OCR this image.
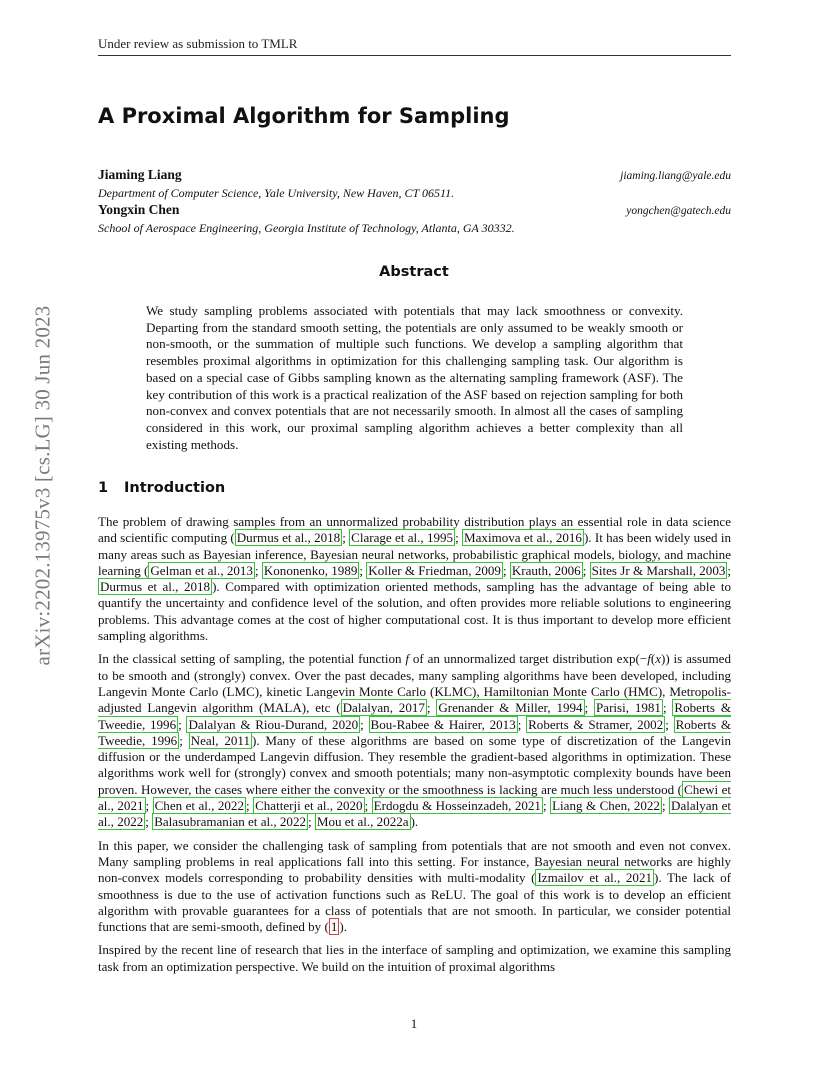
arXiv:2202.13975v3 [cs.LG] 30 Jun 2023
Under review as submission to TMLR
A Proximal Algorithm for Sampling
Jiaming Liang	jiaming.liang@yale.edu
Department of Computer Science, Yale University, New Haven, CT 06511.
Yongxin Chen	yongchen@gatech.edu
School of Aerospace Engineering, Georgia Institute of Technology, Atlanta, GA 30332.
Abstract

We study sampling problems associated with potentials that may lack smoothness or convexity. Departing from the standard smooth setting, the potentials are only assumed to be weakly smooth or non-smooth, or the summation of multiple such functions. We develop a sampling algorithm that resembles proximal algorithms in optimization for this challenging sampling task. Our algorithm is based on a special case of Gibbs sampling known as the alternating sampling framework (ASF). The key contribution of this work is a practical realization of the ASF based on rejection sampling for both non-convex and convex potentials that are not necessarily smooth. In almost all the cases of sampling considered in this work, our proximal sampling algorithm achieves a better complexity than all existing methods.

1 Introduction

The problem of drawing samples from an unnormalized probability distribution plays an essential role in data science and scientific computing ( Durmus et al., 2018 ; Clarage et al., 1995 ; Maximova et al., 2016 ). It has been widely used in many areas such as Bayesian inference, Bayesian neural networks, probabilistic graphical models, biology, and machine learning ( Gelman et al., 2013 ; Kononenko, 1989 ; Koller & Friedman, 2009 ; Krauth, 2006 ; Sites Jr & Marshall, 2003 ; Durmus et al., 2018 ). Compared with optimization oriented methods, sampling has the advantage of being able to quantify the uncertainty and confidence level of the solution, and often provides more reliable solutions to engineering problems. This advantage comes at the cost of higher computational cost. It is thus important to develop more efficient sampling algorithms.

In the classical setting of sampling, the potential function f of an unnormalized target distribution exp(−f(x)) is assumed to be smooth and (strongly) convex. Over the past decades, many sampling algorithms have been developed, including Langevin Monte Carlo (LMC), kinetic Langevin Monte Carlo (KLMC), Hamiltonian Monte Carlo (HMC), Metropolis-adjusted Langevin algorithm (MALA), etc ( Dalalyan, 2017 ; Grenander & Miller, 1994 ; Parisi, 1981 ; Roberts & Tweedie, 1996 ; Dalalyan & Riou-Durand, 2020 ; Bou-Rabee & Hairer, 2013 ; Roberts & Stramer, 2002 ; Roberts & Tweedie, 1996 ; Neal, 2011 ). Many of these algorithms are based on some type of discretization of the Langevin diffusion or the underdamped Langevin diffusion. They resemble the gradient-based algorithms in optimization. These algorithms work well for (strongly) convex and smooth potentials; many non-asymptotic complexity bounds have been proven. However, the cases where either the convexity or the smoothness is lacking are much less understood ( Chewi et al., 2021 ; Chen et al., 2022 ; Chatterji et al., 2020 ; Erdogdu & Hosseinzadeh, 2021 ; Liang & Chen, 2022 ; Dalalyan et al., 2022 ; Balasubramanian et al., 2022 ; Mou et al., 2022a ).

In this paper, we consider the challenging task of sampling from potentials that are not smooth and even not convex. Many sampling problems in real applications fall into this setting. For instance, Bayesian neural networks are highly non-convex models corresponding to probability densities with multi-modality ( Izmailov et al., 2021 ). The lack of smoothness is due to the use of activation functions such as ReLU. The goal of this work is to develop an efficient algorithm with provable guarantees for a class of potentials that are not smooth. In particular, we consider potential functions that are semi-smooth, defined by ( 1 ).

Inspired by the recent line of research that lies in the interface of sampling and optimization, we examine this sampling task from an optimization perspective. We build on the intuition of proximal algorithms

1
